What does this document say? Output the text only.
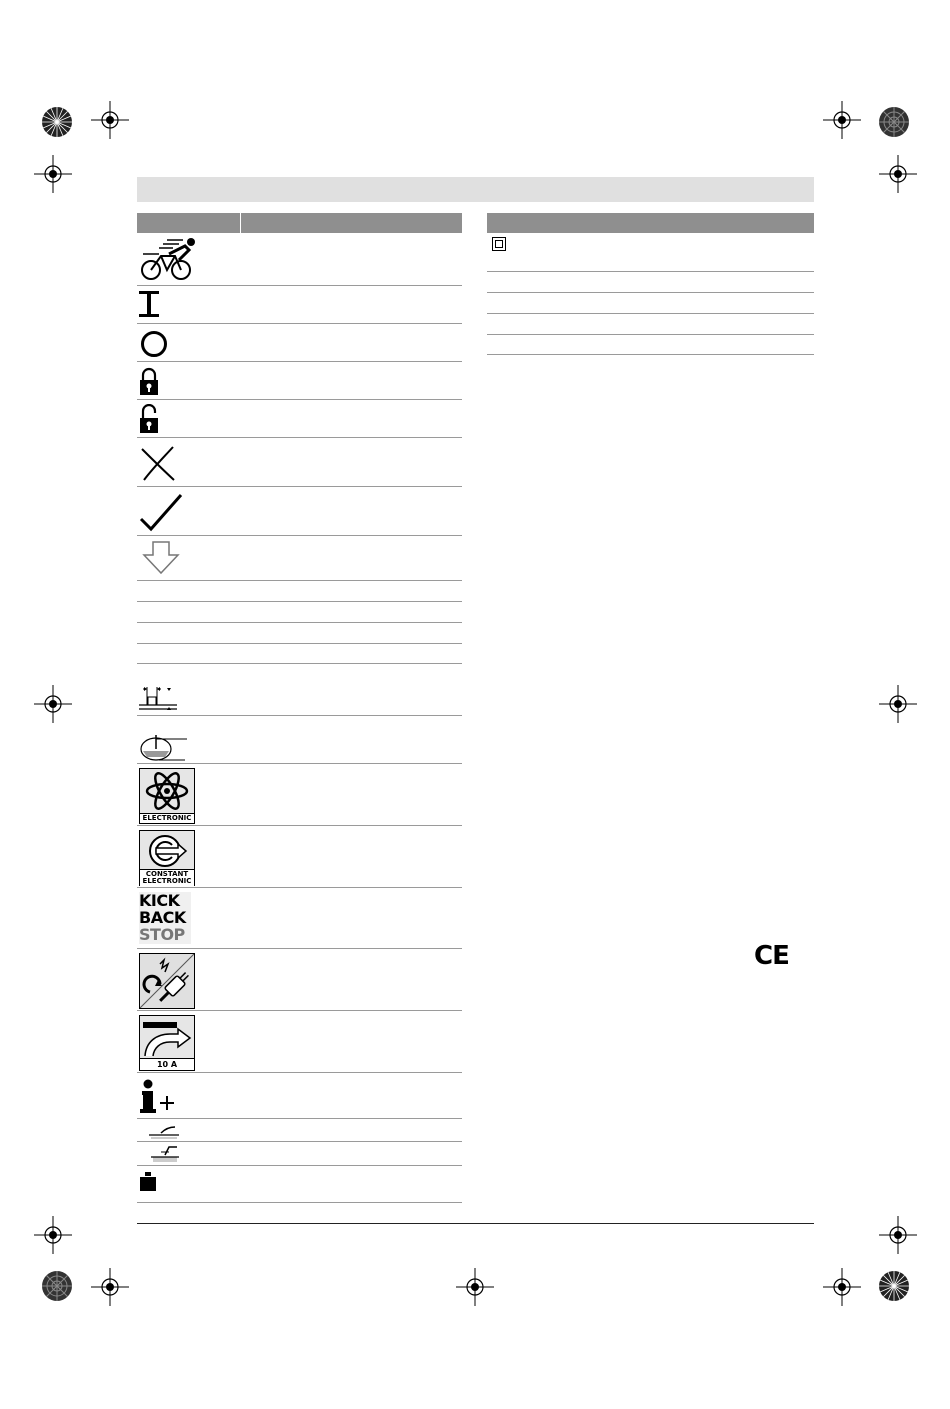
ELECTRONIC
CONSTANT
ELECTRONIC
KICK
BACK
STOP
10 A
CE
